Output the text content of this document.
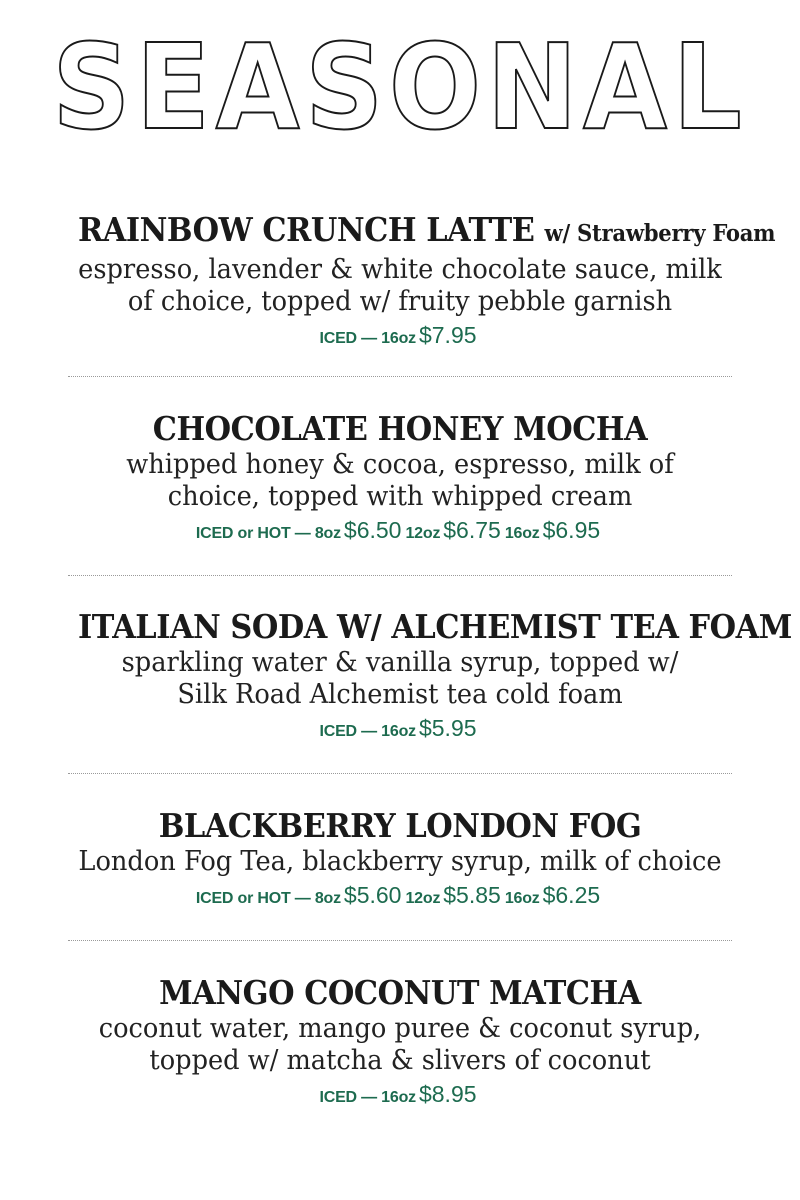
SEASONAL
RAINBOW CRUNCH LATTE w/ Strawberry Foam
espresso, lavender & white chocolate sauce, milk
of choice, topped w/ fruity pebble garnish
ICED — 16oz $7.95
CHOCOLATE HONEY MOCHA
whipped honey & cocoa, espresso, milk of
choice, topped with whipped cream
ICED or HOT — 8oz $6.50 12oz $6.75 16oz $6.95
ITALIAN SODA W/ ALCHEMIST TEA FOAM
sparkling water & vanilla syrup, topped w/
Silk Road Alchemist tea cold foam
ICED — 16oz $5.95
BLACKBERRY LONDON FOG
London Fog Tea, blackberry syrup, milk of choice
ICED or HOT — 8oz $5.60 12oz $5.85 16oz $6.25
MANGO COCONUT MATCHA
coconut water, mango puree & coconut syrup,
topped w/ matcha & slivers of coconut
ICED — 16oz $8.95
